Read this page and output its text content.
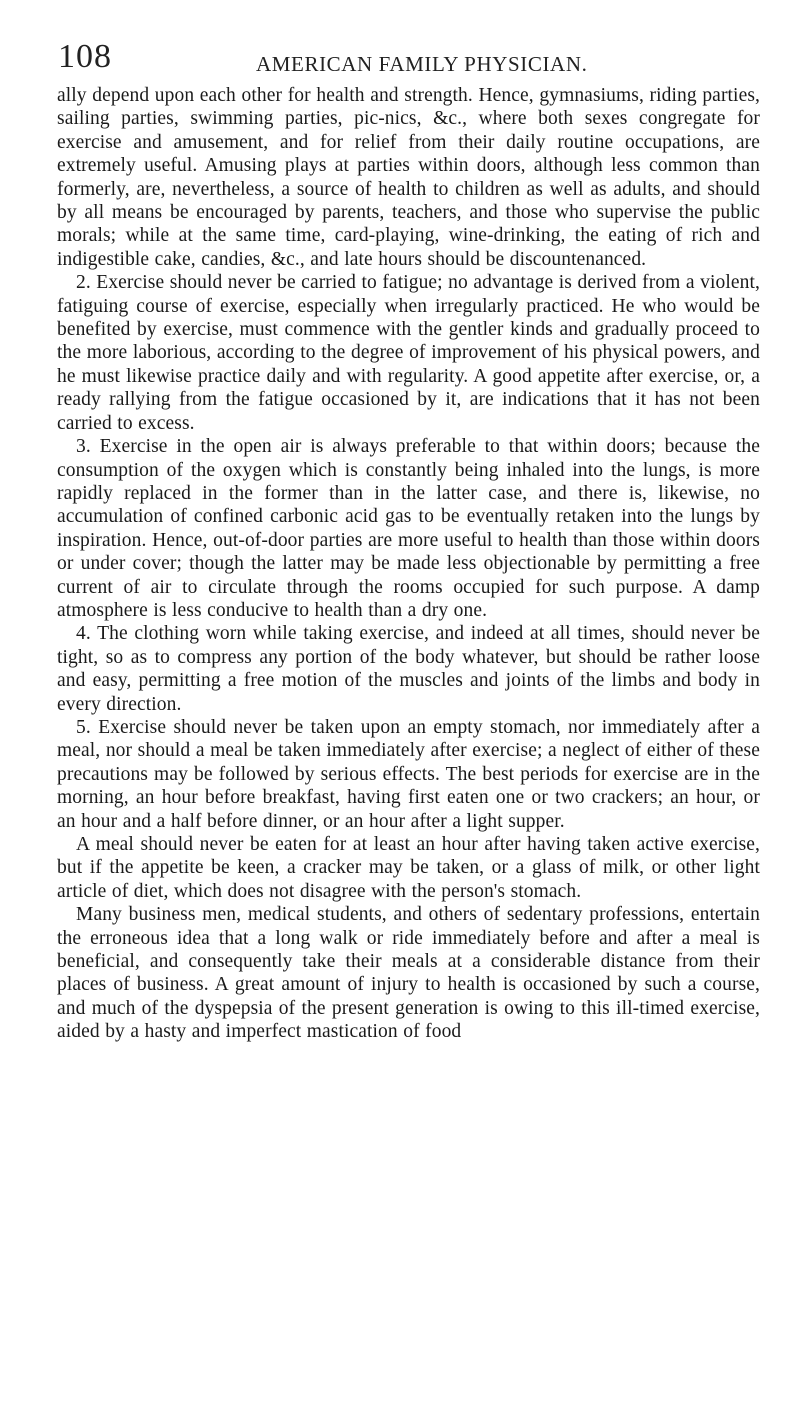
108	AMERICAN FAMILY PHYSICIAN.

ally depend upon each other for health and strength. Hence, gymnasiums, riding parties, sailing parties, swimming parties, pic-nics, &c., where both sexes congregate for exercise and amusement, and for relief from their daily routine occupations, are extremely useful. Amusing plays at parties within doors, although less common than formerly, are, nevertheless, a source of health to children as well as adults, and should by all means be encouraged by parents, teachers, and those who supervise the public morals; while at the same time, card-playing, wine-drinking, the eating of rich and indigestible cake, candies, &c., and late hours should be discountenanced.

2. Exercise should never be carried to fatigue; no advantage is derived from a violent, fatiguing course of exercise, especially when irregularly practiced. He who would be benefited by exercise, must commence with the gentler kinds and gradually proceed to the more laborious, according to the degree of improvement of his physical powers, and he must likewise practice daily and with regularity. A good appetite after exercise, or, a ready rallying from the fatigue occasioned by it, are indications that it has not been carried to excess.

3. Exercise in the open air is always preferable to that within doors; because the consumption of the oxygen which is constantly being inhaled into the lungs, is more rapidly replaced in the former than in the latter case, and there is, likewise, no accumulation of confined carbonic acid gas to be eventually retaken into the lungs by inspiration. Hence, out-of-door parties are more useful to health than those within doors or under cover; though the latter may be made less objectionable by permitting a free current of air to circulate through the rooms occupied for such purpose. A damp atmosphere is less conducive to health than a dry one.

4. The clothing worn while taking exercise, and indeed at all times, should never be tight, so as to compress any portion of the body whatever, but should be rather loose and easy, permitting a free motion of the muscles and joints of the limbs and body in every direction.

5. Exercise should never be taken upon an empty stomach, nor immediately after a meal, nor should a meal be taken immediately after exercise; a neglect of either of these precautions may be followed by serious effects. The best periods for exercise are in the morning, an hour before breakfast, having first eaten one or two crackers; an hour, or an hour and a half before dinner, or an hour after a light supper.

A meal should never be eaten for at least an hour after having taken active exercise, but if the appetite be keen, a cracker may be taken, or a glass of milk, or other light article of diet, which does not disagree with the person's stomach.

Many business men, medical students, and others of sedentary professions, entertain the erroneous idea that a long walk or ride immediately before and after a meal is beneficial, and consequently take their meals at a considerable distance from their places of business. A great amount of injury to health is occasioned by such a course, and much of the dyspepsia of the present generation is owing to this ill-timed exercise, aided by a hasty and imperfect mastication of food
